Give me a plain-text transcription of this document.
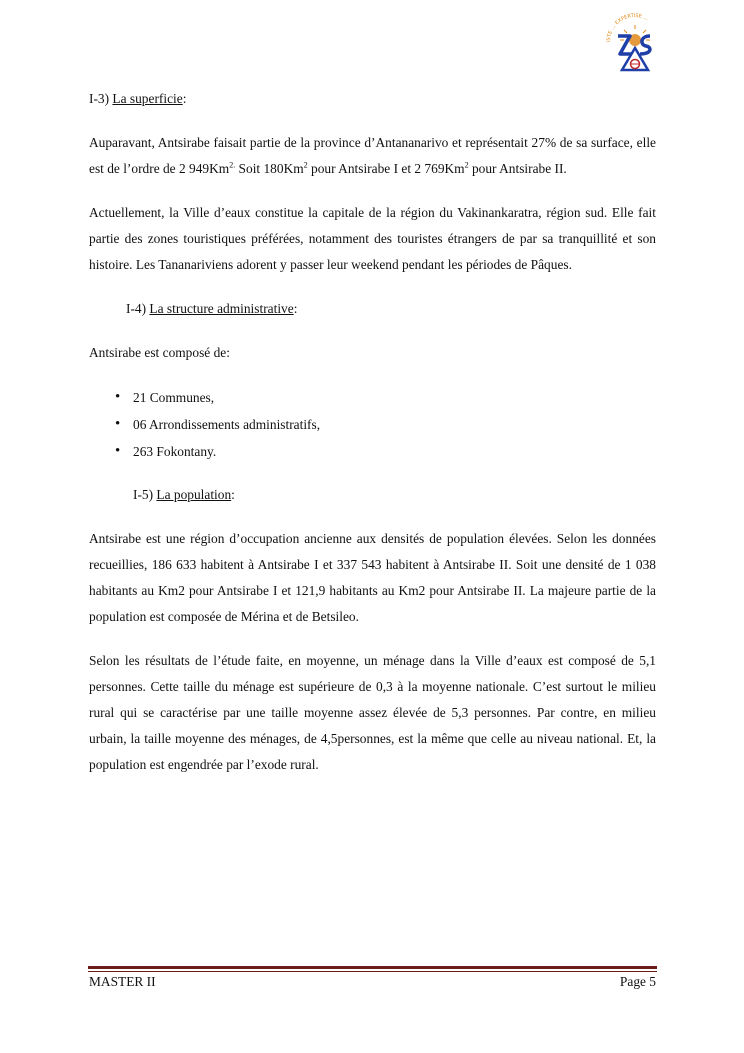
ISTE ... EXPERTISE ...
I-3) La superficie:

Auparavant, Antsirabe faisait partie de la province d’Antananarivo et représentait 27% de sa surface, elle est de l’ordre de 2 $949Km^{2.}$ Soit 180Km$^2$ pour Antsirabe I et 2 769Km$^2$ pour Antsirabe II.

Actuellement, la Ville d’eaux constitue la capitale de la région du Vakinankaratra, région sud. Elle fait partie des zones touristiques préférées, notamment des touristes étrangers de par sa tranquillité et son histoire. Les Tananariviens adorent y passer leur weekend pendant les périodes de Pâques.

I-4) La structure administrative:

Antsirabe est composé de:

• 21 Communes,
• 06 Arrondissements administratifs,
• 263 Fokontany.
I-5) La population:

Antsirabe est une région d’occupation ancienne aux densités de population élevées. Selon les données recueillies, 186 633 habitent à Antsirabe I et 337 543 habitent à Antsirabe II. Soit une densité de 1 038 habitants au Km2 pour Antsirabe I et 121,9 habitants au Km2 pour Antsirabe II. La majeure partie de la population est composée de Mérina et de Betsileo.

Selon les résultats de l’étude faite, en moyenne, un ménage dans la Ville d’eaux est composé de 5,1 personnes. Cette taille du ménage est supérieure de 0,3 à la moyenne nationale. C’est surtout le milieu rural qui se caractérise par une taille moyenne assez élevée de 5,3 personnes. Par contre, en milieu urbain, la taille moyenne des ménages, de 4,5personnes, est la même que celle au niveau national. Et, la population est engendrée par l’exode rural.

MASTER II	Page 5
